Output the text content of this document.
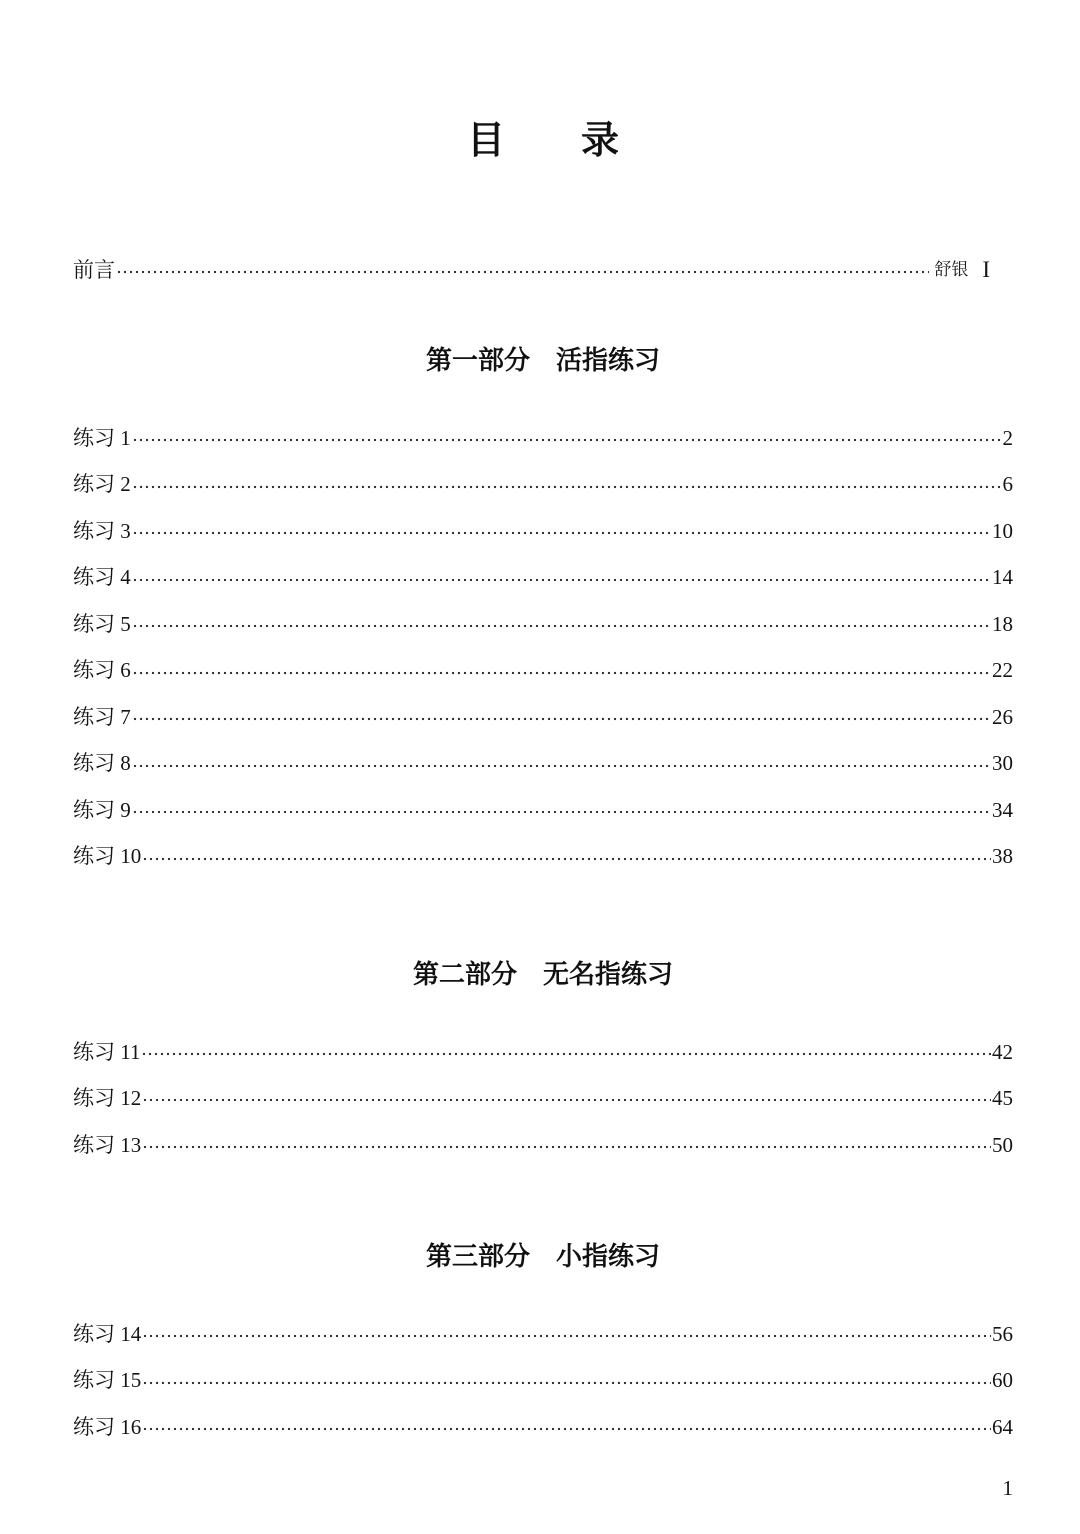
目　　录
前言	舒银 I
第一部分　活指练习
练习 1	2
练习 2	6
练习 3	10
练习 4	14
练习 5	18
练习 6	22
练习 7	26
练习 8	30
练习 9	34
练习 10	38
第二部分　无名指练习
练习 11	42
练习 12	45
练习 13	50
第三部分　小指练习
练习 14	56
练习 15	60
练习 16	64
1
